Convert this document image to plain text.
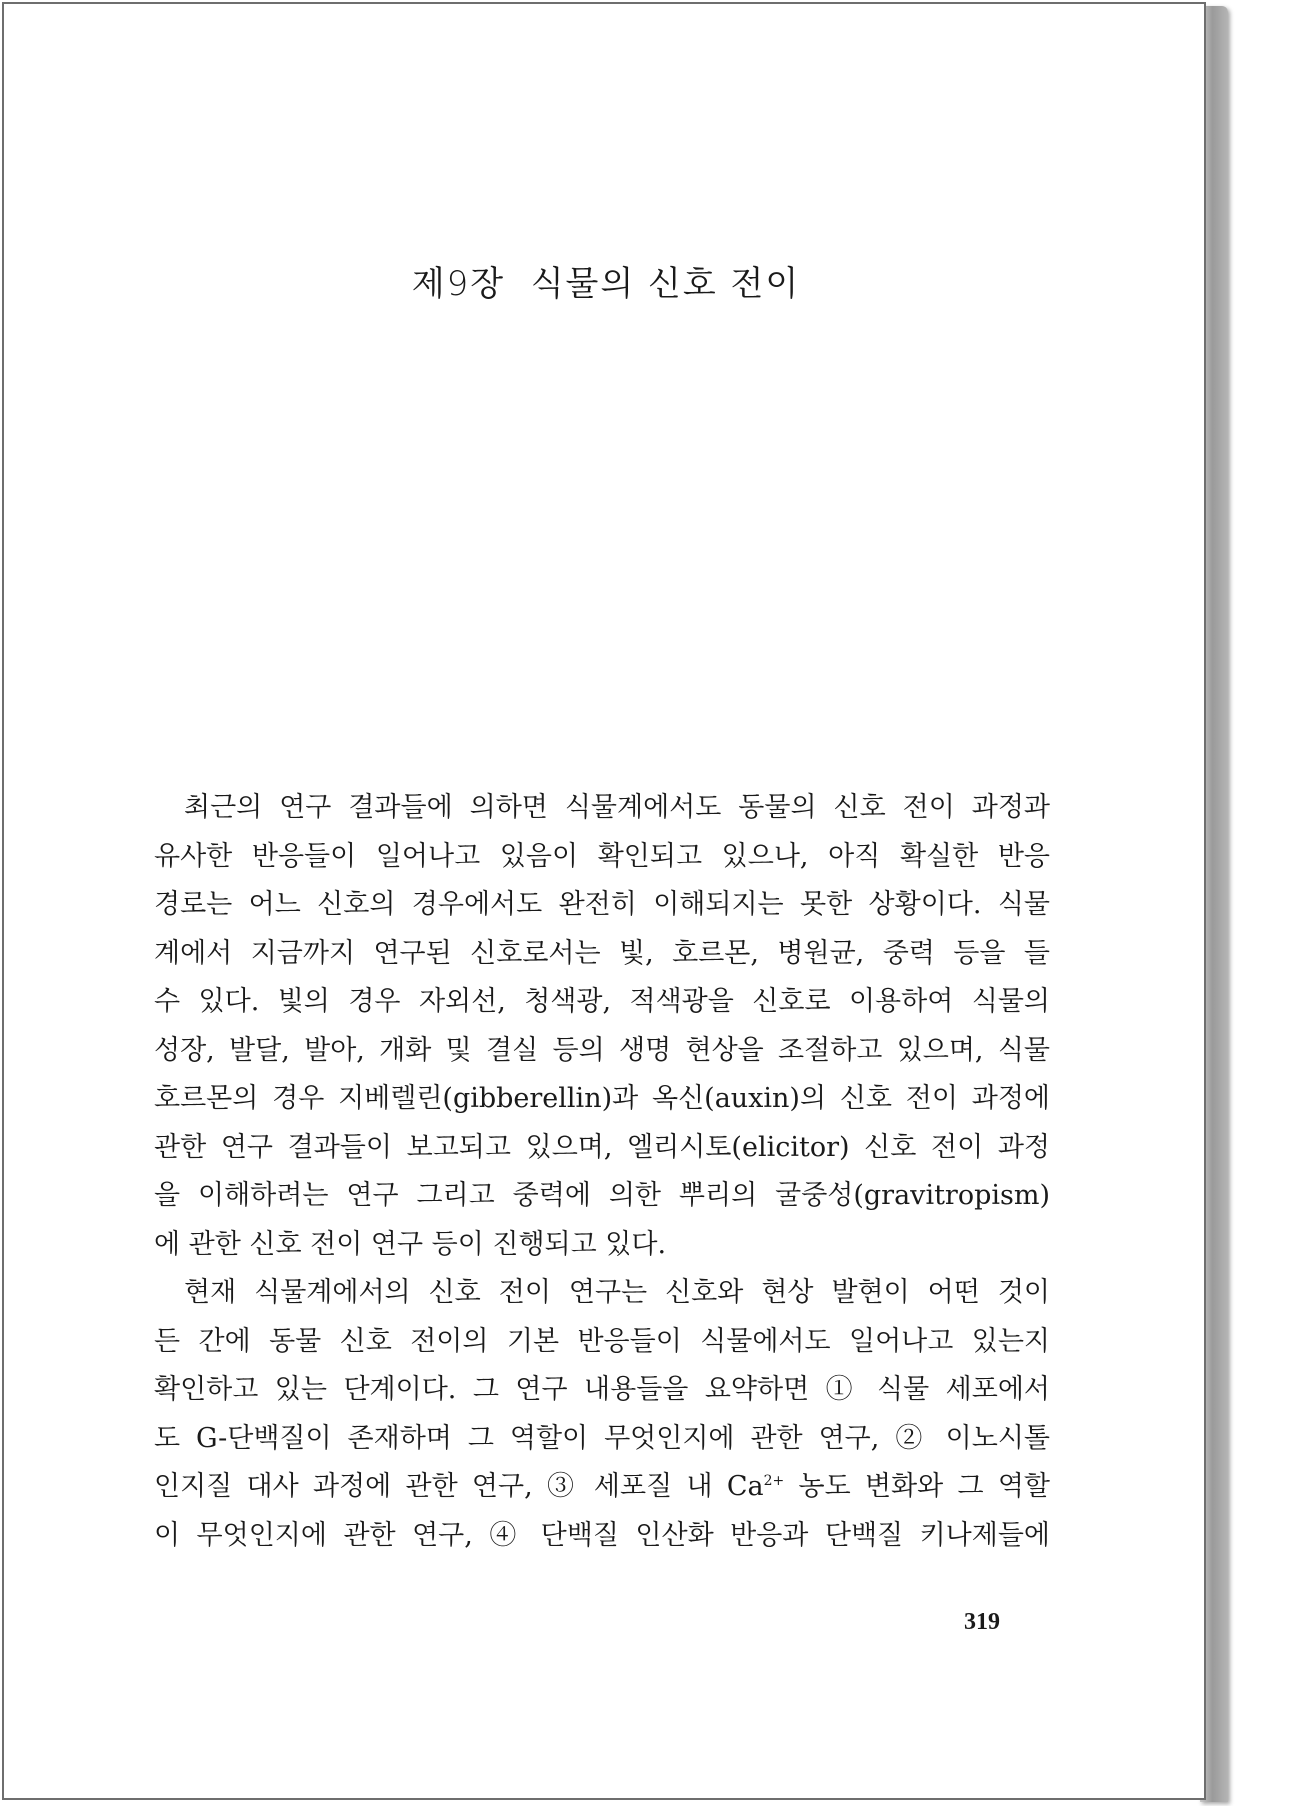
제9장  식물의 신호 전이
최근의 연구 결과들에 의하면 식물계에서도 동물의 신호 전이 과정과
유사한 반응들이 일어나고 있음이 확인되고 있으나, 아직 확실한 반응
경로는 어느 신호의 경우에서도 완전히 이해되지는 못한 상황이다. 식물
계에서 지금까지 연구된 신호로서는 빛, 호르몬, 병원균, 중력 등을 들
수 있다. 빛의 경우 자외선, 청색광, 적색광을 신호로 이용하여 식물의
성장, 발달, 발아, 개화 및 결실 등의 생명 현상을 조절하고 있으며, 식물
호르몬의 경우 지베렐린(gibberellin)과 옥신(auxin)의 신호 전이 과정에
관한 연구 결과들이 보고되고 있으며, 엘리시토(elicitor) 신호 전이 과정
을 이해하려는 연구 그리고 중력에 의한 뿌리의 굴중성(gravitropism)
에 관한 신호 전이 연구 등이 진행되고 있다.
현재 식물계에서의 신호 전이 연구는 신호와 현상 발현이 어떤 것이
든 간에 동물 신호 전이의 기본 반응들이 식물에서도 일어나고 있는지
확인하고 있는 단계이다. 그 연구 내용들을 요약하면 ① 식물 세포에서
도 G-단백질이 존재하며 그 역할이 무엇인지에 관한 연구, ② 이노시톨
인지질 대사 과정에 관한 연구, ③ 세포질 내 $Ca^{2+}$ 농도 변화와 그 역할
이 무엇인지에 관한 연구, ④ 단백질 인산화 반응과 단백질 키나제들에
319
